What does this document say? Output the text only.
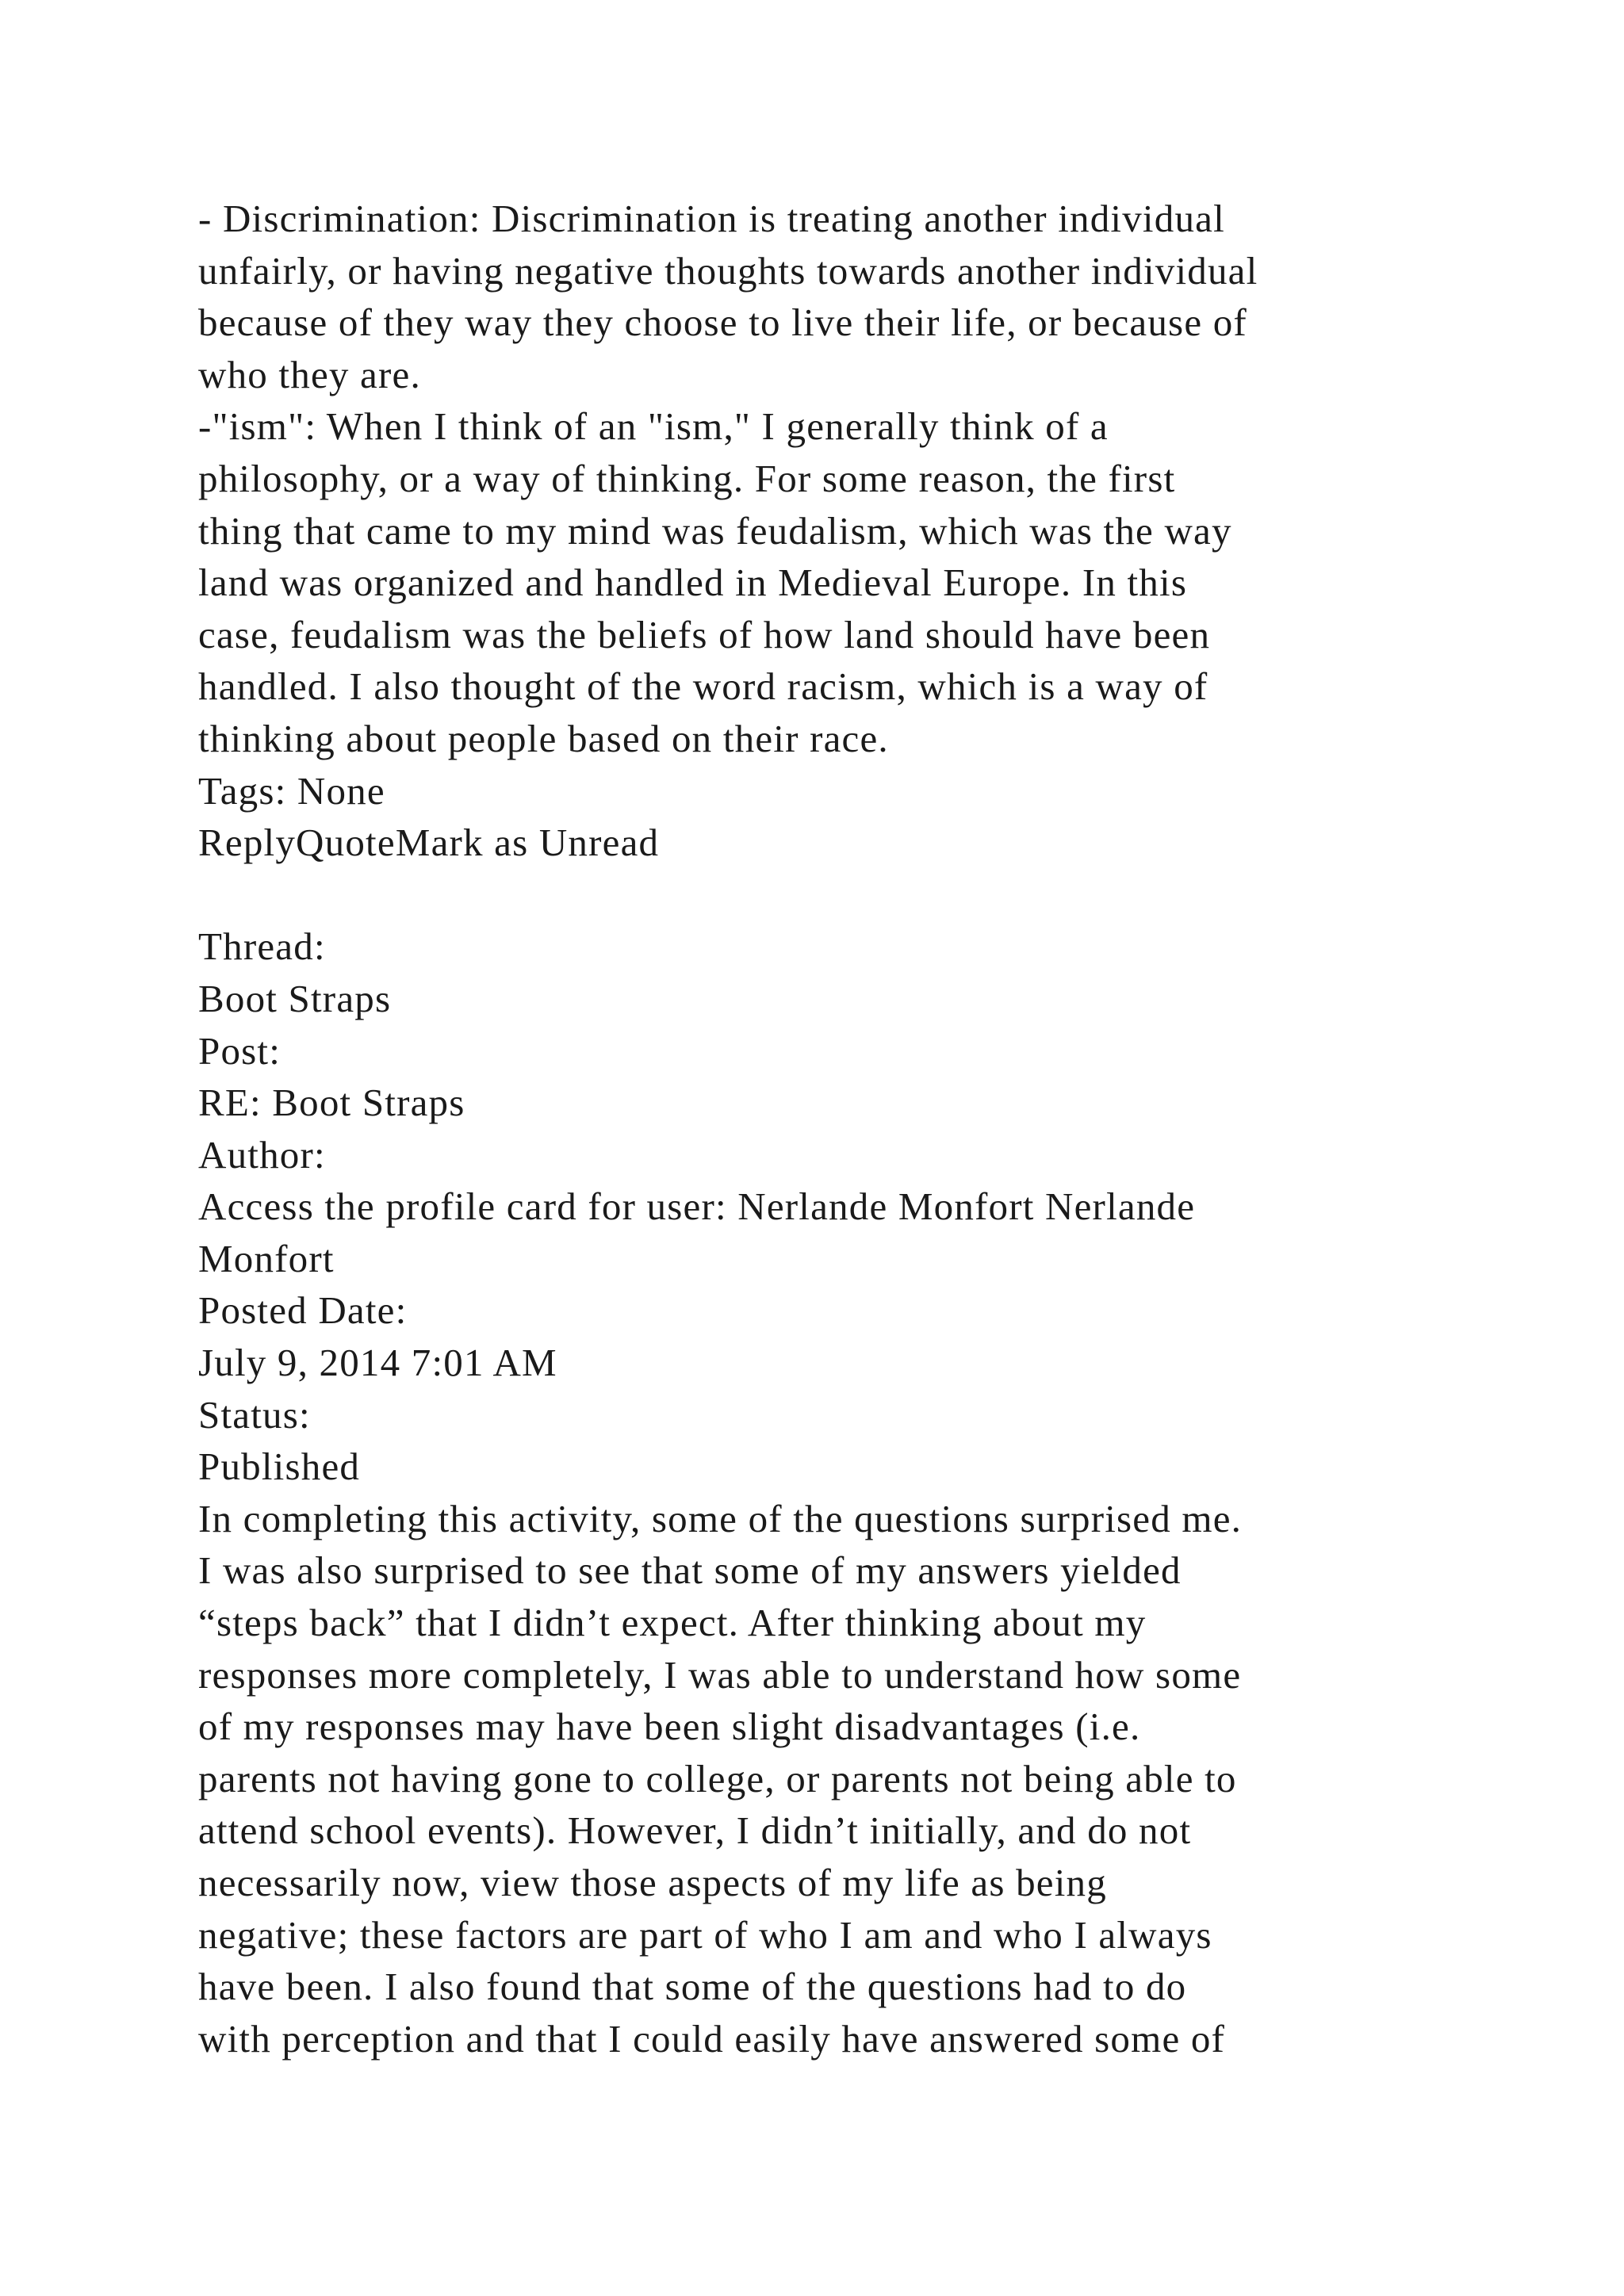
- Discrimination: Discrimination is treating another individual
unfairly, or having negative thoughts towards another individual
because of they way they choose to live their life, or because of
who they are.
-"ism": When I think of an "ism," I generally think of a
philosophy, or a way of thinking. For some reason, the first
thing that came to my mind was feudalism, which was the way
land was organized and handled in Medieval Europe. In this
case, feudalism was the beliefs of how land should have been
handled. I also thought of the word racism, which is a way of
thinking about people based on their race.
Tags: None
ReplyQuoteMark as Unread
Thread:
Boot Straps
Post:
RE: Boot Straps
Author:
Access the profile card for user: Nerlande Monfort Nerlande
Monfort
Posted Date:
July 9, 2014 7:01 AM
Status:
Published
In completing this activity, some of the questions surprised me.
I was also surprised to see that some of my answers yielded
“steps back” that I didn’t expect. After thinking about my
responses more completely, I was able to understand how some
of my responses may have been slight disadvantages (i.e.
parents not having gone to college, or parents not being able to
attend school events). However, I didn’t initially, and do not
necessarily now, view those aspects of my life as being
negative; these factors are part of who I am and who I always
have been. I also found that some of the questions had to do
with perception and that I could easily have answered some of
